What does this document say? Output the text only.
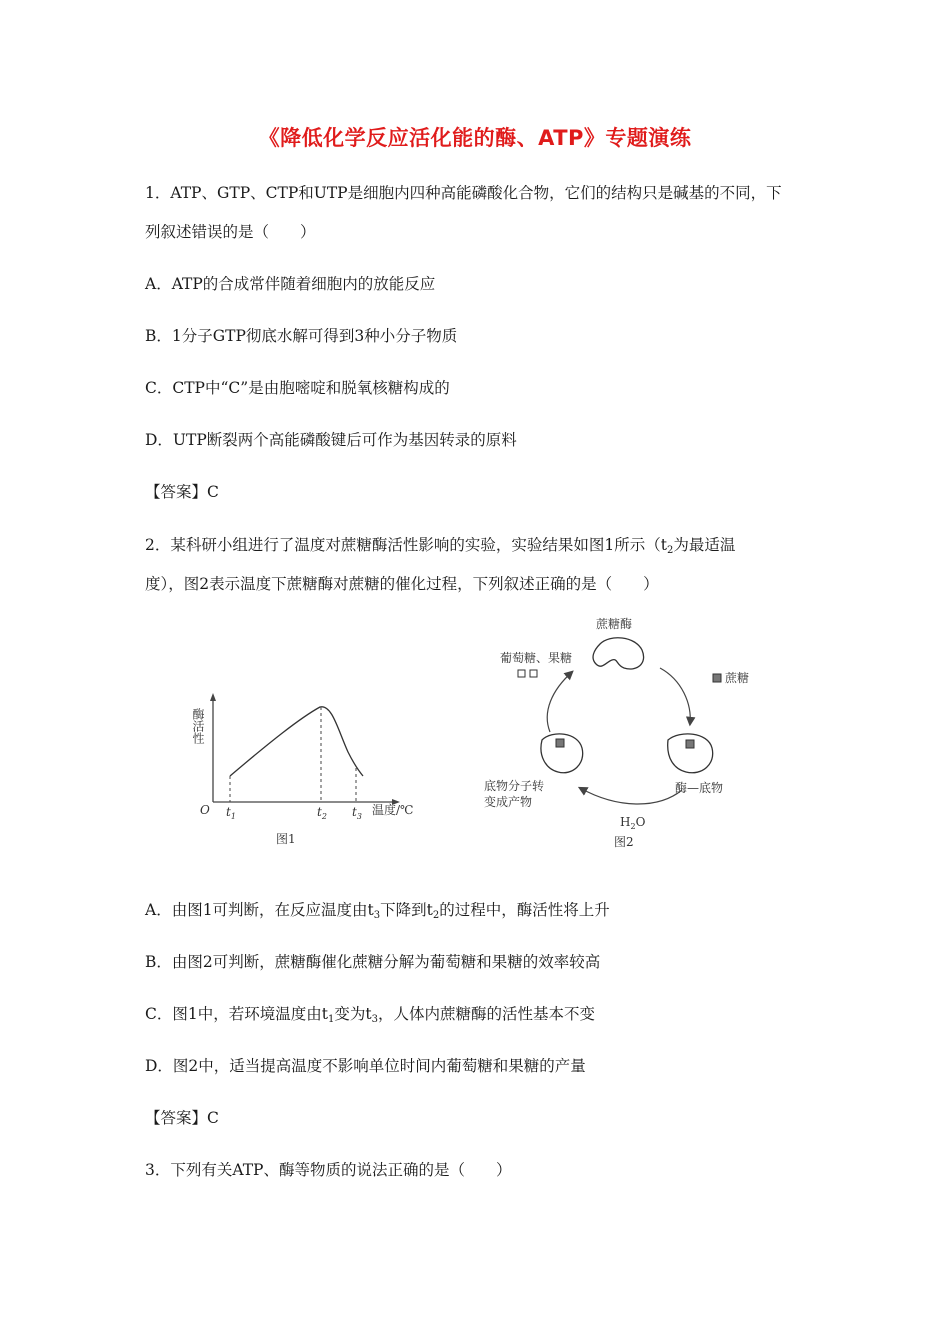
《降低化学反应活化能的酶、ATP》专题演练
1．ATP、GTP、CTP和UTP是细胞内四种高能磷酸化合物，它们的结构只是碱基的不同，下
列叙述错误的是（　　）
A．ATP的合成常伴随着细胞内的放能反应
B．1分子GTP彻底水解可得到3种小分子物质
C．CTP中“C”是由胞嘧啶和脱氧核糖构成的
D．UTP断裂两个高能磷酸键后可作为基因转录的原料
【答案】C
2．某科研小组进行了温度对蔗糖酶活性影响的实验，实验结果如图1所示（$t_2$为最适温
度），图2表示温度下蔗糖酶对蔗糖的催化过程，下列叙述正确的是（　　）
酶活性
O $t_1$	$t_2$ $t_3$ 温度/℃
图1
蔗糖酶
葡萄糖、果糖
蔗糖
酶—底物
$H_2O$
底物分子转
变成产物
图2
A．由图1可判断，在反应温度由$t_3$下降到$t_2$的过程中，酶活性将上升
B．由图2可判断，蔗糖酶催化蔗糖分解为葡萄糖和果糖的效率较高
C．图1中，若环境温度由$t_1$变为$t_3$，人体内蔗糖酶的活性基本不变
D．图2中，适当提高温度不影响单位时间内葡萄糖和果糖的产量
【答案】C
3．下列有关ATP、酶等物质的说法正确的是（　　）
